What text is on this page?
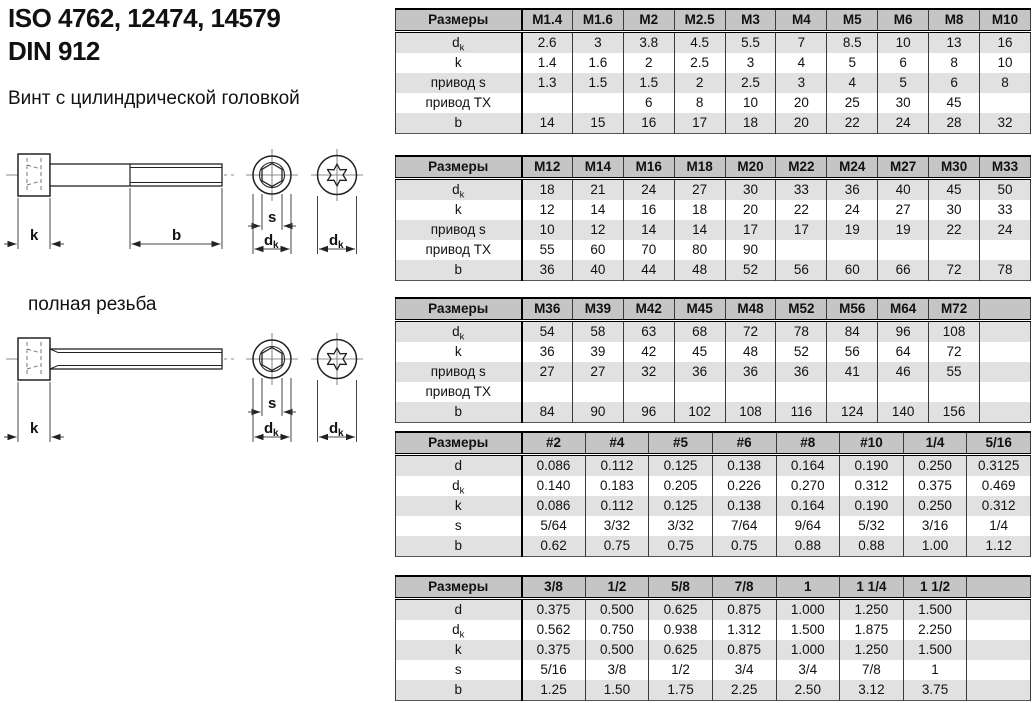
ISO 4762, 12474, 14579
DIN 912
Винт с цилиндрической головкой
k	b
s
d k	d k
полная резьба
k
s
d k	d k
Размеры	M1.4	M1.6	M2	M2.5	M3	M4	M5	M6	M8	M10
$d_k$	2.6	3	3.8	4.5	5.5	7	8.5	10	13	16
k	1.4	1.6	2	2.5	3	4	5	6	8	10
привод s	1.3	1.5	1.5	2	2.5	3	4	5	6	8
привод TX			6	8	10	20	25	30	45	
b	14	15	16	17	18	20	22	24	28	32
Размеры	M12	M14	M16	M18	M20	M22	M24	M27	M30	M33
$d_k$	18	21	24	27	30	33	36	40	45	50
k	12	14	16	18	20	22	24	27	30	33
привод s	10	12	14	14	17	17	19	19	22	24
привод TX	55	60	70	80	90					
b	36	40	44	48	52	56	60	66	72	78
Размеры	M36	M39	M42	M45	M48	M52	M56	M64	M72	
$d_k$	54	58	63	68	72	78	84	96	108	
k	36	39	42	45	48	52	56	64	72	
привод s	27	27	32	36	36	36	41	46	55	
привод TX										
b	84	90	96	102	108	116	124	140	156	
Размеры	#2	#4	#5	#6	#8	#10	1/4	5/16
d	0.086	0.112	0.125	0.138	0.164	0.190	0.250	0.3125
$d_k$	0.140	0.183	0.205	0.226	0.270	0.312	0.375	0.469
k	0.086	0.112	0.125	0.138	0.164	0.190	0.250	0.312
s	5/64	3/32	3/32	7/64	9/64	5/32	3/16	1/4
b	0.62	0.75	0.75	0.75	0.88	0.88	1.00	1.12
Размеры	3/8	1/2	5/8	7/8	1	1 1/4	1 1/2	
d	0.375	0.500	0.625	0.875	1.000	1.250	1.500	
$d_k$	0.562	0.750	0.938	1.312	1.500	1.875	2.250	
k	0.375	0.500	0.625	0.875	1.000	1.250	1.500	
s	5/16	3/8	1/2	3/4	3/4	7/8	1	
b	1.25	1.50	1.75	2.25	2.50	3.12	3.75	
